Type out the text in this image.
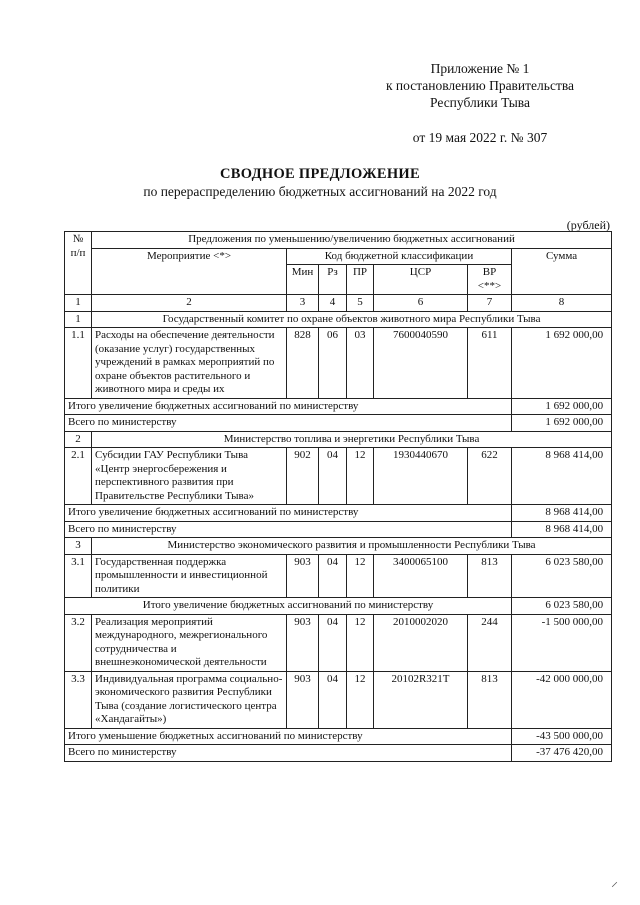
Приложение № 1
к постановлению Правительства
Республики Тыва
от 19 мая 2022 г. № 307
СВОДНОЕ ПРЕДЛОЖЕНИЕ
по перераспределению бюджетных ассигнований на 2022 год
(рублей)
№ п/п	Предложения по уменьшению/увеличению бюджетных ассигнований						
	Мероприятие <*>	Код бюджетной классификации					Сумма
		Мин	Рз	ПР	ЦСР	ВР <**>	
1	2	3	4	5	6	7	8
1	Государственный комитет по охране объектов животного мира Республики Тыва						
1.1	Расходы на обеспечение деятельности (оказание услуг) государственных учреждений в рамках мероприятий по охране объектов растительного и животного мира и среды их	828	06	03	7600040590	611	1 692 000,00
Итого увеличение бюджетных ассигнований по министерству							1 692 000,00
Всего по министерству							1 692 000,00
2	Министерство топлива и энергетики Республики Тыва						
2.1	Субсидии ГАУ Республики Тыва «Центр энергосбережения и перспективного развития при Правительстве Республики Тыва»	902	04	12	1930440670	622	8 968 414,00
Итого увеличение бюджетных ассигнований по министерству							8 968 414,00
Всего по министерству							8 968 414,00
3	Министерство экономического развития и промышленности Республики Тыва						
3.1	Государственная поддержка промышленности и инвестиционной политики	903	04	12	3400065100	813	6 023 580,00
Итого увеличение бюджетных ассигнований по министерству							6 023 580,00
3.2	Реализация мероприятий международного, межрегионального сотрудничества и внешнеэкономической деятельности	903	04	12	2010002020	244	-1 500 000,00
3.3	Индивидуальная программа социально-экономического развития Республики Тыва (создание логистического центра «Хандагайты»)	903	04	12	20102R321T	813	-42 000 000,00
Итого уменьшение бюджетных ассигнований по министерству							-43 500 000,00
Всего по министерству							-37 476 420,00
⸝
